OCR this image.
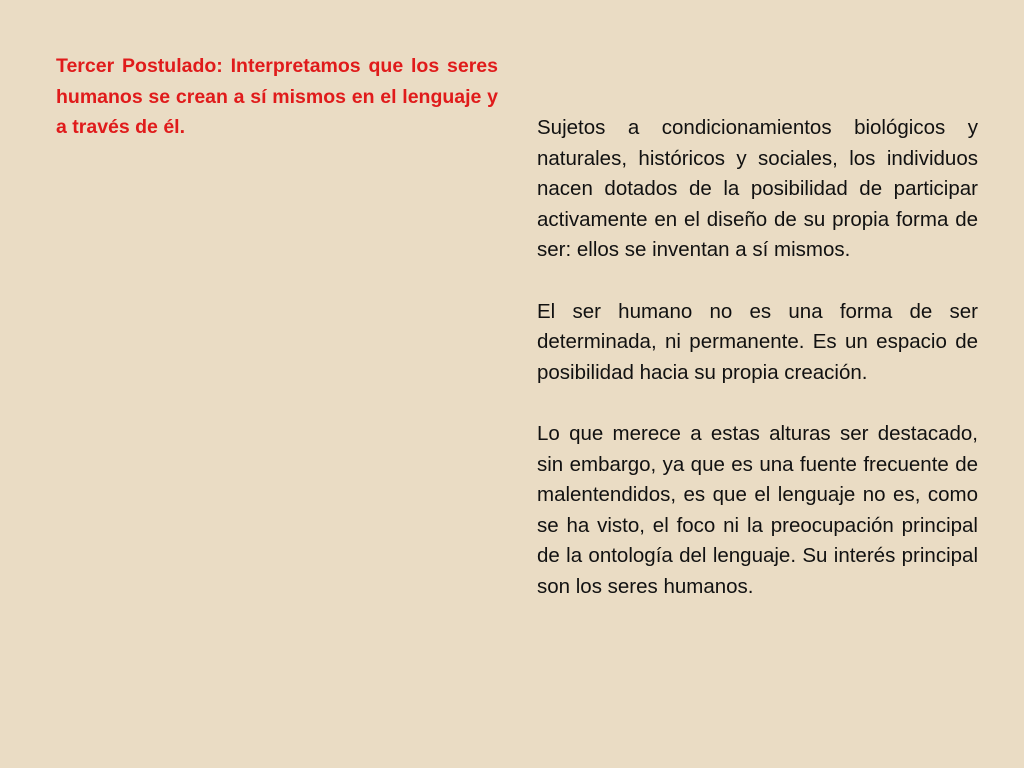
Tercer Postulado: Interpretamos que los seres humanos se crean a sí mismos en el lenguaje y a través de él.	Sujetos a condicionamientos biológicos y naturales, históricos y sociales, los individuos nacen dotados de la posibilidad de participar activamente en el diseño de su propia forma de ser: ellos se inventan a sí mismos.

El ser humano no es una forma de ser determinada, ni permanente. Es un espacio de posibilidad hacia su propia creación.

Lo que merece a estas alturas ser destacado, sin embargo, ya que es una fuente frecuente de malentendidos, es que el lenguaje no es, como se ha visto, el foco ni la preocupación principal de la ontología del lenguaje. Su interés principal son los seres humanos.
